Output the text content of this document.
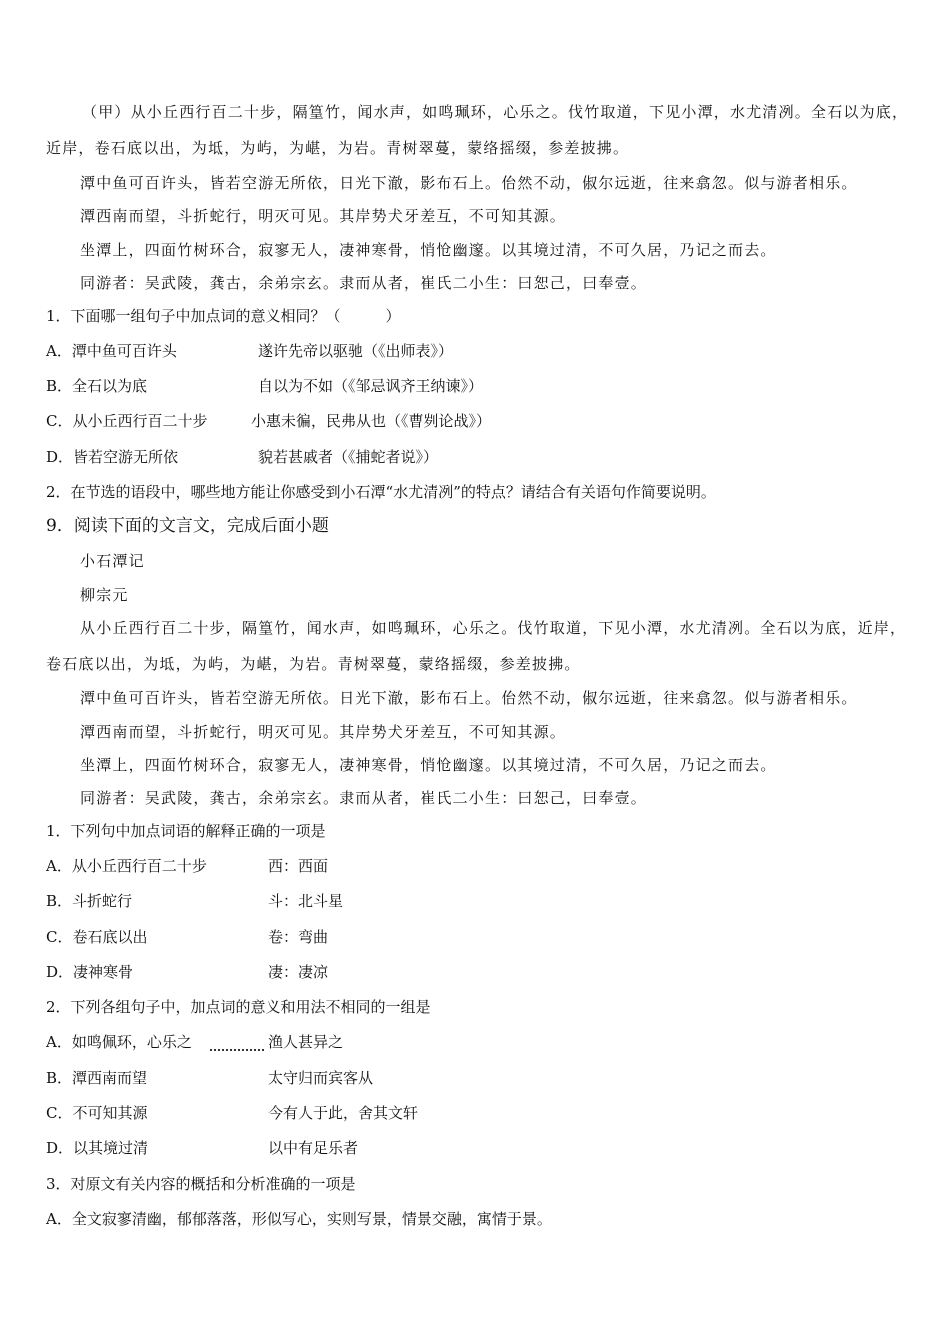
（甲）从小丘西行百二十步，隔篁竹，闻水声，如鸣珮环，心乐之。伐竹取道，下见小潭，水尤清冽。全石以为底，
近岸，卷石底以出，为坻，为屿，为嵁，为岩。青树翠蔓，蒙络摇缀，参差披拂。
潭中鱼可百许头，皆若空游无所依，日光下澈，影布石上。佁然不动，俶尔远逝，往来翕忽。似与游者相乐。
潭西南而望，斗折蛇行，明灭可见。其岸势犬牙差互，不可知其源。
坐潭上，四面竹树环合，寂寥无人，凄神寒骨，悄怆幽邃。以其境过清，不可久居，乃记之而去。
同游者：吴武陵，龚古，余弟宗玄。隶而从者，崔氏二小生：曰恕己，曰奉壹。
1．下面哪一组句子中加点词的意义相同？（　　　）
A．潭中鱼可百许头	遂许先帝以驱驰（《出师表》）
B．全石以为底	自以为不如（《邹忌讽齐王纳谏》）
C．从小丘西行百二十步	小惠未徧，民弗从也（《曹刿论战》）
D．皆若空游无所依	貌若甚戚者（《捕蛇者说》）
2．在节选的语段中，哪些地方能让你感受到小石潭“水尤清冽”的特点？请结合有关语句作简要说明。
9．阅读下面的文言文，完成后面小题
小石潭记
柳宗元
从小丘西行百二十步，隔篁竹，闻水声，如鸣珮环，心乐之。伐竹取道，下见小潭，水尤清冽。全石以为底，近岸，
卷石底以出，为坻，为屿，为嵁，为岩。青树翠蔓，蒙络摇缀，参差披拂。
潭中鱼可百许头，皆若空游无所依。日光下澈，影布石上。佁然不动，俶尔远逝，往来翕忽。似与游者相乐。
潭西南而望，斗折蛇行，明灭可见。其岸势犬牙差互，不可知其源。
坐潭上，四面竹树环合，寂寥无人，凄神寒骨，悄怆幽邃。以其境过清，不可久居，乃记之而去。
同游者：吴武陵，龚古，余弟宗玄。隶而从者，崔氏二小生：曰恕己，曰奉壹。
1．下列句中加点词语的解释正确的一项是
A．从小丘西行百二十步	西：西面
B．斗折蛇行	斗：北斗星
C．卷石底以出	卷：弯曲
D．凄神寒骨	凄：凄凉
2．下列各组句子中，加点词的意义和用法不相同的一组是
A．如鸣佩环，心乐之	渔人甚异之
B．潭西南而望	太守归而宾客从
C．不可知其源	今有人于此，舍其文轩
D．以其境过清	以中有足乐者
3．对原文有关内容的概括和分析准确的一项是
A．全文寂寥清幽，郁郁落落，形似写心，实则写景，情景交融，寓情于景。
